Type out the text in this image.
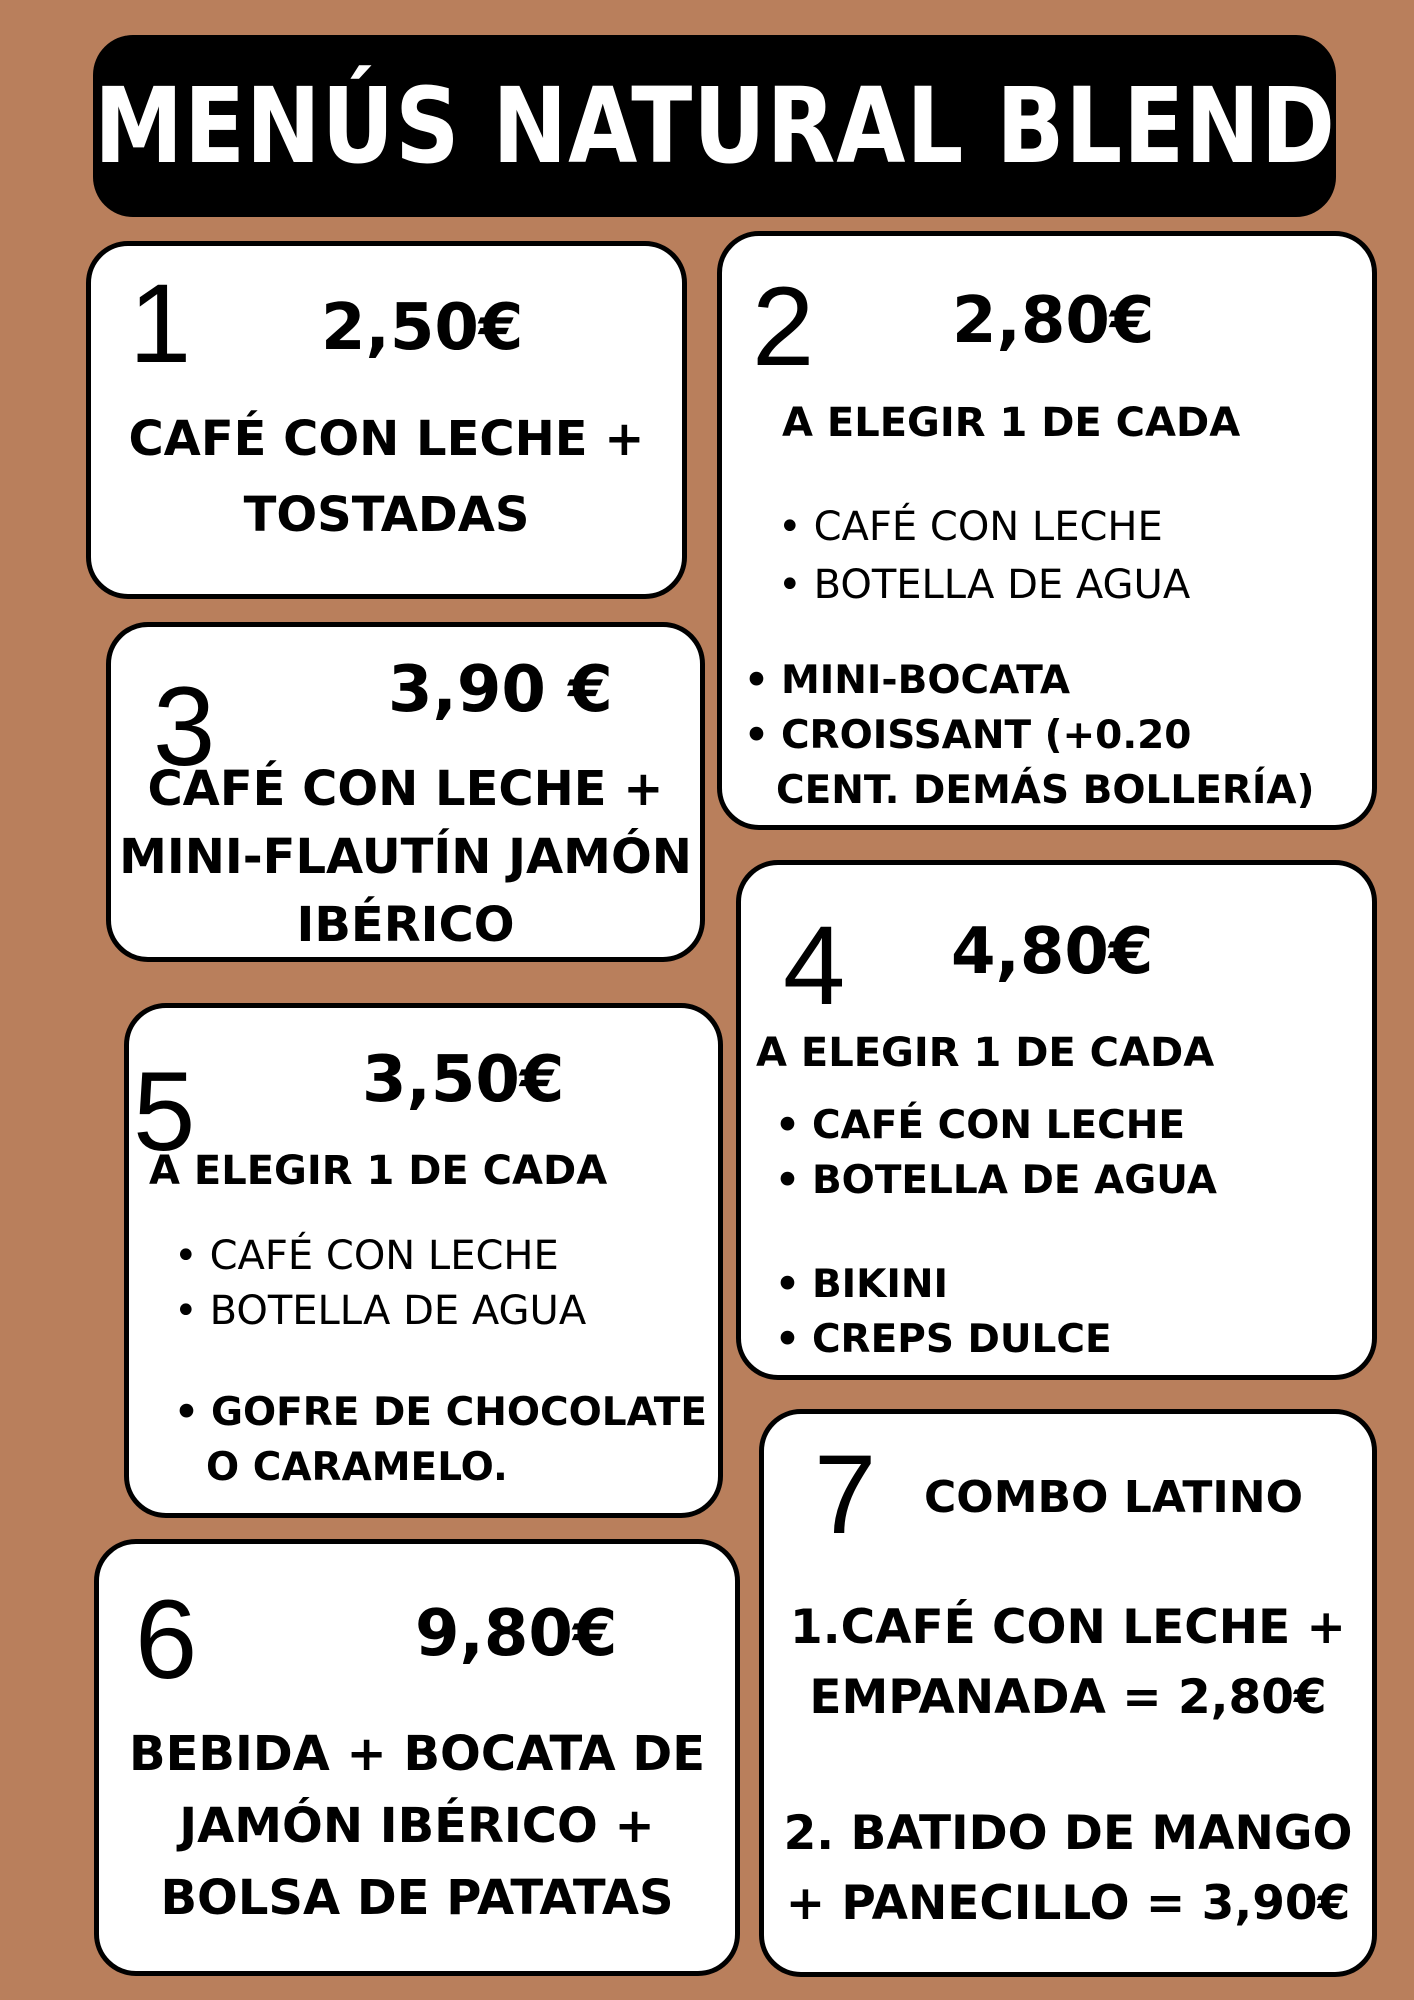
MENÚS NATURAL BLEND
1 2,50€
CAFÉ CON LECHE +
TOSTADAS
2 2,80€
A ELEGIR 1 DE CADA
• CAFÉ CON LECHE
• BOTELLA DE AGUA
• MINI-BOCATA
• CROISSANT (+0.20
CENT. DEMÁS BOLLERÍA)
3	3,90 €
CAFÉ CON LECHE +
MINI-FLAUTÍN JAMÓN
IBÉRICO	4 4,80€
A ELEGIR 1 DE CADA
• CAFÉ CON LECHE
• BOTELLA DE AGUA
• BIKINI
• CREPS DULCE
5	3,50€
A ELEGIR 1 DE CADA
• CAFÉ CON LECHE
• BOTELLA DE AGUA
• GOFRE DE CHOCOLATE
O CARAMELO.
6	9,80€
BEBIDA + BOCATA DE
JAMÓN IBÉRICO +
BOLSA DE PATATAS
7 COMBO LATINO
1.CAFÉ CON LECHE +
EMPANADA = 2,80€
2. BATIDO DE MANGO
+ PANECILLO = 3,90€
